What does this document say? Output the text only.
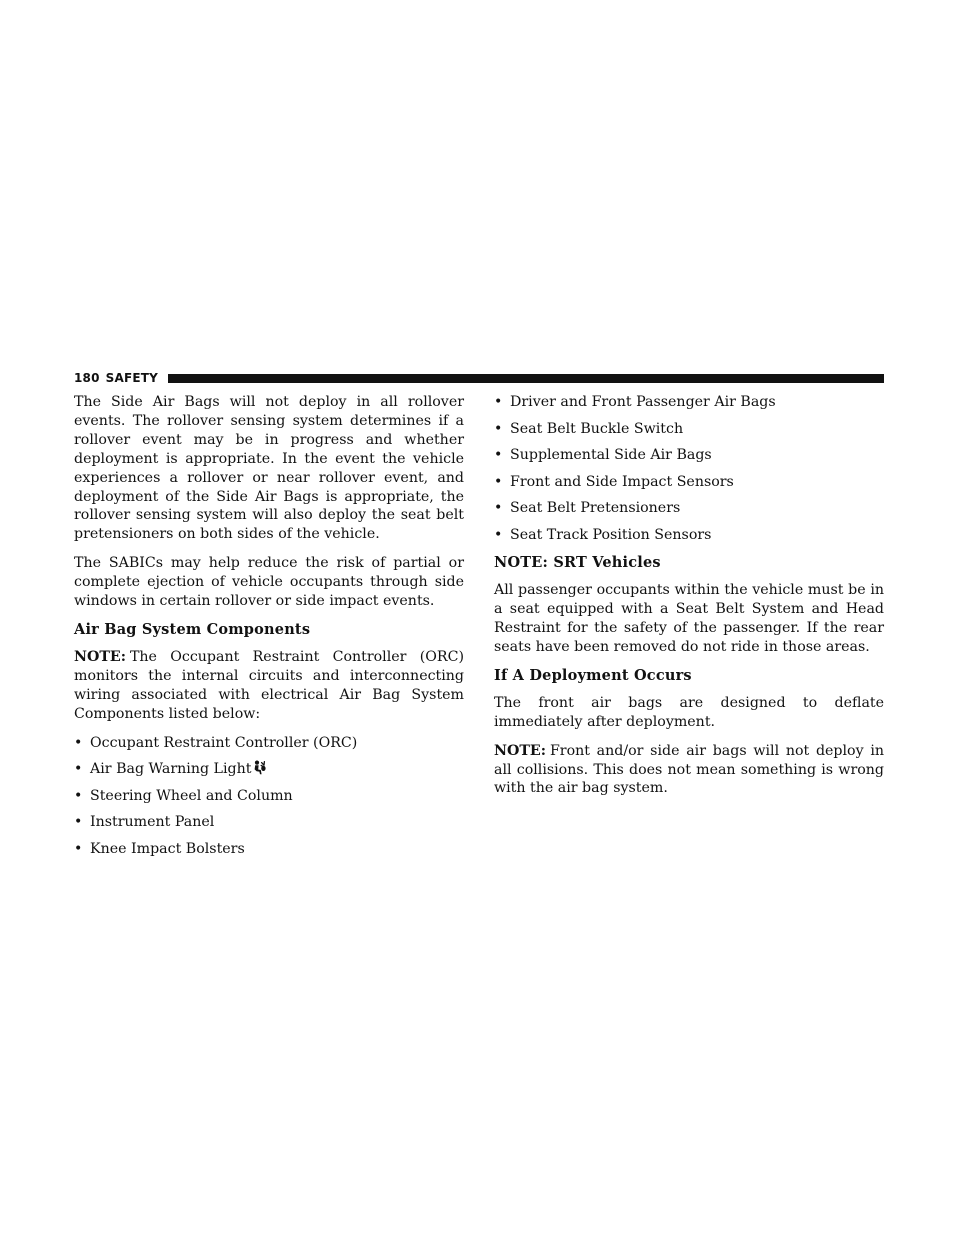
180 SAFETY

The Side Air Bags will not deploy in all rollover events. The rollover sensing system determines if a rollover event may be in progress and whether deployment is appropriate. In the event the vehicle experiences a rollover or near rollover event, and deployment of the Side Air Bags is appropriate, the rollover sensing system will also deploy the seat belt pretensioners on both sides of the vehicle.

The SABICs may help reduce the risk of partial or complete ejection of vehicle occupants through side windows in certain rollover or side impact events.

Air Bag System Components

NOTE: The Occupant Restraint Controller (ORC) monitors the internal circuits and interconnecting wiring associated with electrical Air Bag System Components listed below:

• Occupant Restraint Controller (ORC)
• Air Bag Warning Light
• Steering Wheel and Column
• Instrument Panel
• Knee Impact Bolsters
• Driver and Front Passenger Air Bags
• Seat Belt Buckle Switch
• Supplemental Side Air Bags
• Front and Side Impact Sensors
• Seat Belt Pretensioners
• Seat Track Position Sensors
NOTE: SRT Vehicles

All passenger occupants within the vehicle must be in a seat equipped with a Seat Belt System and Head Restraint for the safety of the passenger. If the rear seats have been removed do not ride in those areas.

If A Deployment Occurs

The front air bags are designed to deflate immediately after deployment.

NOTE: Front and/or side air bags will not deploy in all collisions. This does not mean something is wrong with the air bag system.
